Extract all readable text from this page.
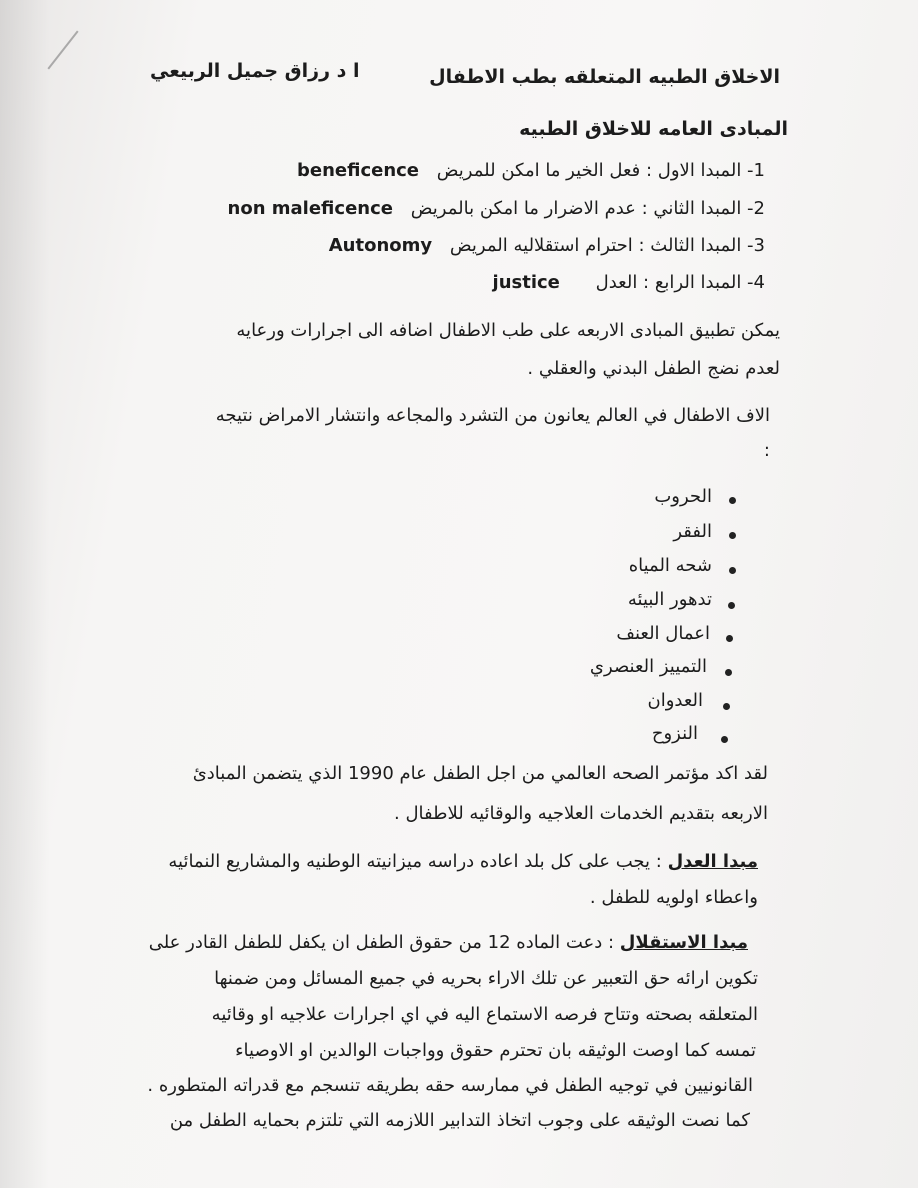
الاخلاق الطبيه المتعلقه بطب الاطفال
ا د رزاق جميل الربيعي
المبادى العامه للاخلاق الطبيه
1- المبدا الاول : فعل الخير ما امكن للمريض beneficence
2- المبدا الثاني : عدم الاضرار ما امكن بالمريض non maleficence
3- المبدا الثالث : احترام استقلاليه المريض Autonomy
4- المبدا الرابع : العدل justice
يمكن تطبيق المبادى الاربعه على طب الاطفال اضافه الى اجرارات ورعايه
لعدم نضج الطفل البدني والعقلي .
الاف الاطفال في العالم يعانون من التشرد والمجاعه وانتشار الامراض نتيجه
:
الحروب
الفقر
شحه المياه
تدهور البيئه
اعمال العنف
التمييز العنصري
العدوان
النزوح
لقد اكد مؤتمر الصحه العالمي من اجل الطفل عام 1990 الذي يتضمن المبادئ
الاربعه بتقديم الخدمات العلاجيه والوقائيه للاطفال .
مبدا العدل : يجب على كل بلد اعاده دراسه ميزانيته الوطنيه والمشاريع النمائيه
واعطاء اولويه للطفل .
مبدا الاستقلال : دعت الماده 12 من حقوق الطفل ان يكفل للطفل القادر على
تكوين ارائه حق التعبير عن تلك الاراء بحريه في جميع المسائل ومن ضمنها
المتعلقه بصحته وتتاح فرصه الاستماع اليه في اي اجرارات علاجيه او وقائيه
تمسه كما اوصت الوثيقه بان تحترم حقوق وواجبات الوالدين او الاوصياء
القانونيين في توجيه الطفل في ممارسه حقه بطريقه تنسجم مع قدراته المتطوره .
كما نصت الوثيقه على وجوب اتخاذ التدابير اللازمه التي تلتزم بحمايه الطفل من
